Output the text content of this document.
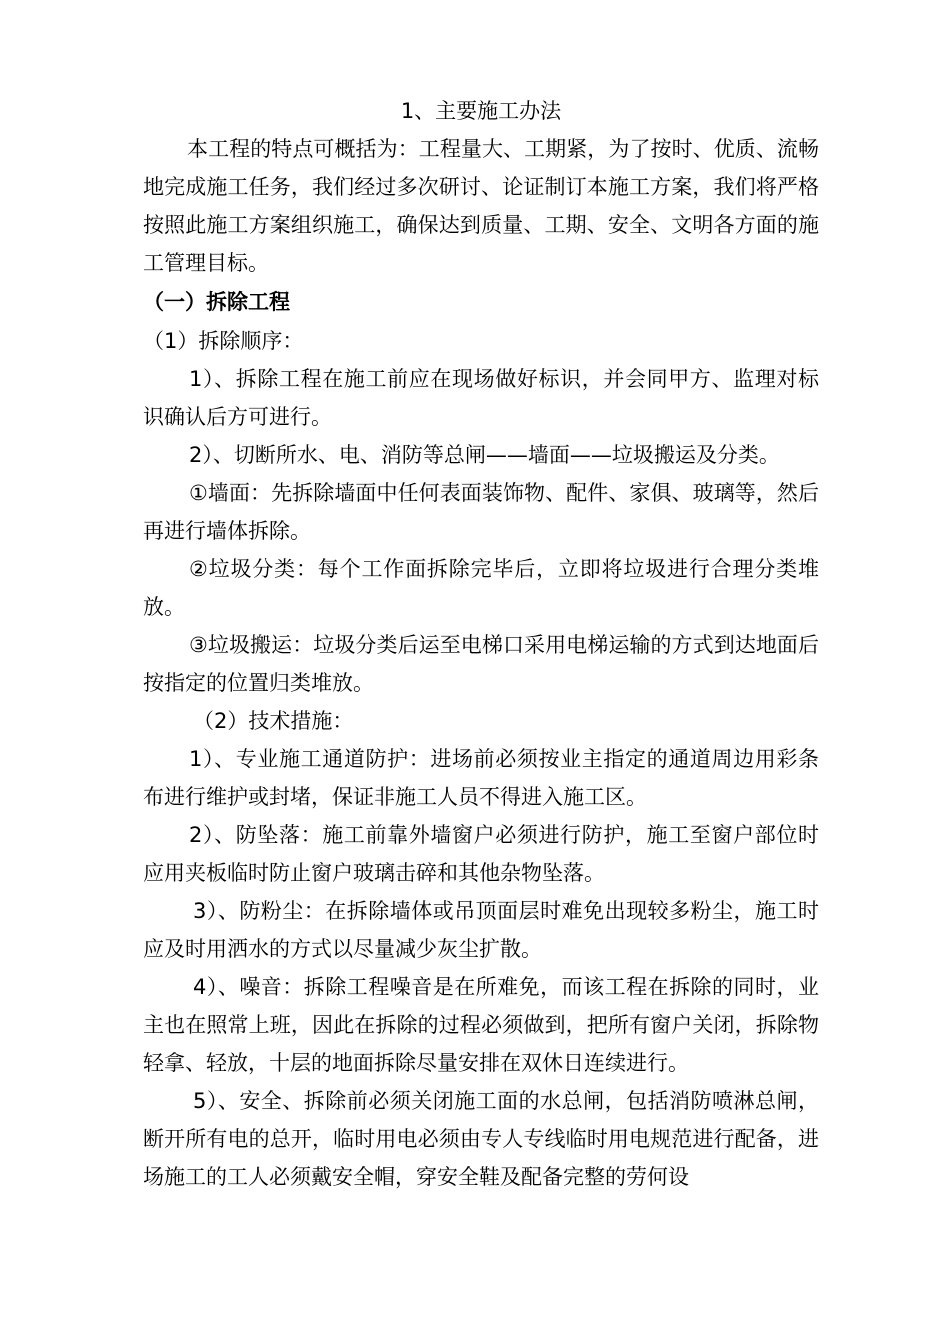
1、主要施工办法

本工程的特点可概括为：工程量大、工期紧，为了按时、优质、流畅地完成施工任务，我们经过多次研讨、论证制订本施工方案，我们将严格按照此施工方案组织施工，确保达到质量、工期、安全、文明各方面的施工管理目标。

（一）拆除工程

（1）拆除顺序：

1）、拆除工程在施工前应在现场做好标识，并会同甲方、监理对标识确认后方可进行。

2）、切断所水、电、消防等总闸——墙面——垃圾搬运及分类。

①墙面：先拆除墙面中任何表面装饰物、配件、家俱、玻璃等，然后再进行墙体拆除。

②垃圾分类：每个工作面拆除完毕后，立即将垃圾进行合理分类堆放。

③垃圾搬运：垃圾分类后运至电梯口采用电梯运输的方式到达地面后按指定的位置归类堆放。

（2）技术措施：

1）、专业施工通道防护：进场前必须按业主指定的通道周边用彩条布进行维护或封堵，保证非施工人员不得进入施工区。

2）、防坠落：施工前靠外墙窗户必须进行防护，施工至窗户部位时应用夹板临时防止窗户玻璃击碎和其他杂物坠落。

3）、防粉尘：在拆除墙体或吊顶面层时难免出现较多粉尘，施工时应及时用洒水的方式以尽量减少灰尘扩散。

4）、噪音：拆除工程噪音是在所难免，而该工程在拆除的同时，业主也在照常上班，因此在拆除的过程必须做到，把所有窗户关闭，拆除物轻拿、轻放，十层的地面拆除尽量安排在双休日连续进行。

5）、安全、拆除前必须关闭施工面的水总闸，包括消防喷淋总闸，断开所有电的总开，临时用电必须由专人专线临时用电规范进行配备，进场施工的工人必须戴安全帽，穿安全鞋及配备完整的劳何设
